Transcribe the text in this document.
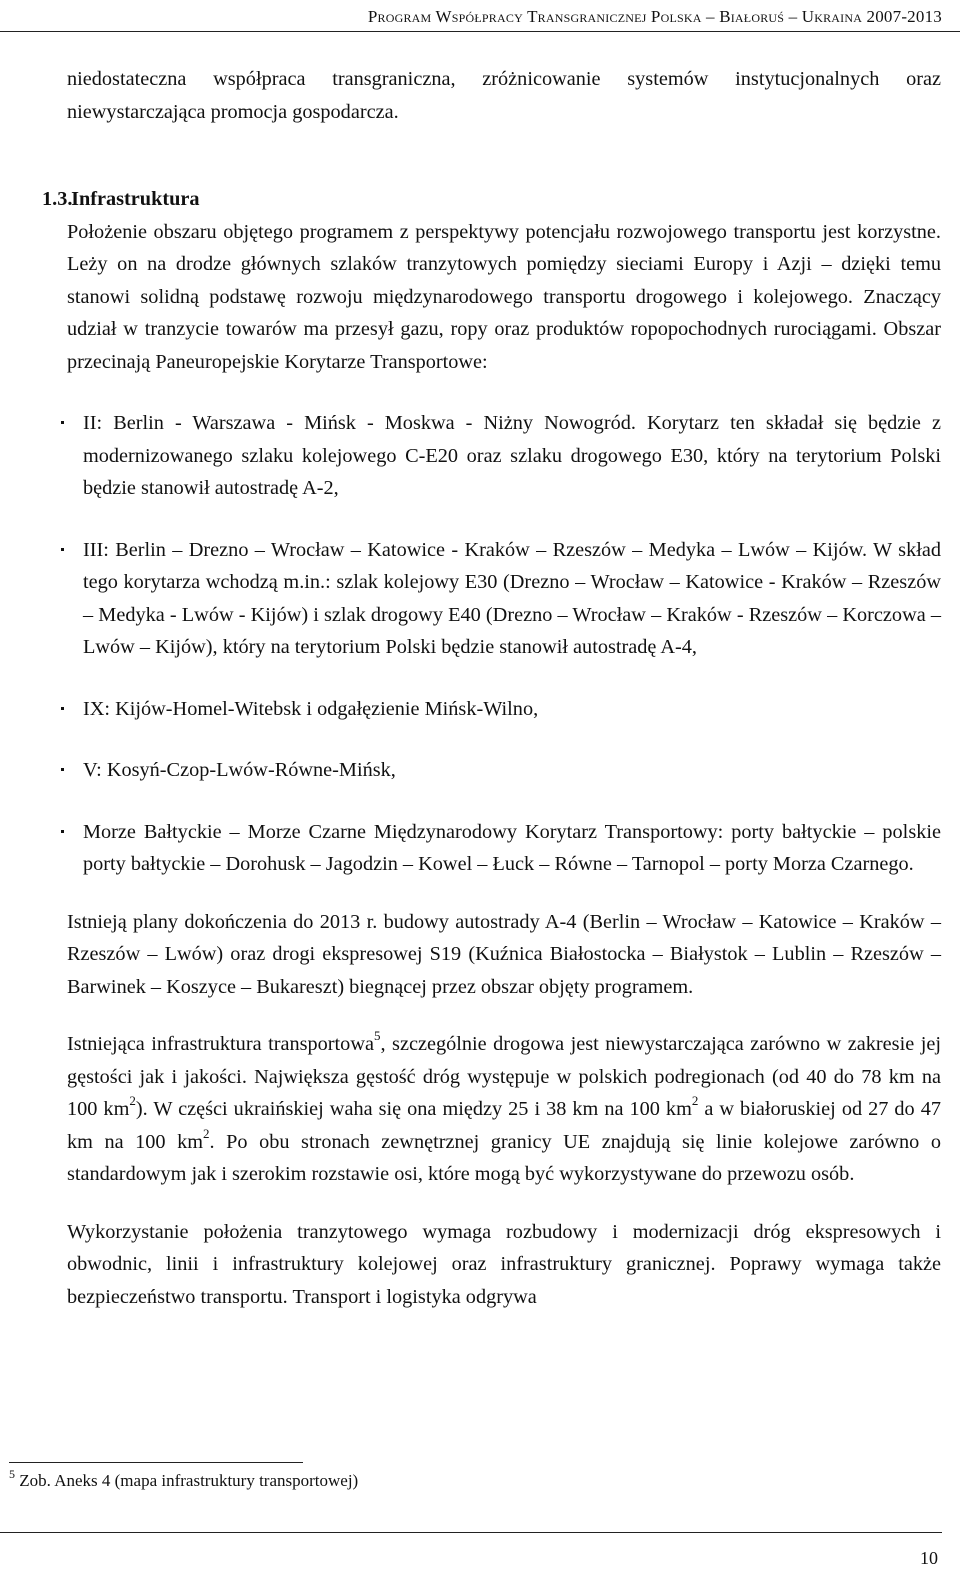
Program Współpracy Transgranicznej Polska – Białoruś – Ukraina 2007-2013

niedostateczna współpraca transgraniczna, zróżnicowanie systemów instytucjonalnych oraz niewystarczająca promocja gospodarcza.

1.3. Infrastruktura

Położenie obszaru objętego programem z perspektywy potencjału rozwojowego transportu jest korzystne. Leży on na drodze głównych szlaków tranzytowych pomiędzy sieciami Europy i Azji – dzięki temu stanowi solidną podstawę rozwoju międzynarodowego transportu drogowego i kolejowego. Znaczący udział w tranzycie towarów ma przesył gazu, ropy oraz produktów ropopochodnych rurociągami. Obszar przecinają Paneuropejskie Korytarze Transportowe:

II: Berlin - Warszawa - Mińsk - Moskwa - Niżny Nowogród. Korytarz ten składał się będzie z modernizowanego szlaku kolejowego C-E20 oraz szlaku drogowego E30, który na terytorium Polski będzie stanowił autostradę A-2,
III: Berlin – Drezno – Wrocław – Katowice - Kraków – Rzeszów – Medyka – Lwów – Kijów. W skład tego korytarza wchodzą m.in.: szlak kolejowy E30 (Drezno – Wrocław – Katowice - Kraków – Rzeszów – Medyka - Lwów - Kijów) i szlak drogowy E40 (Drezno – Wrocław – Kraków - Rzeszów – Korczowa – Lwów – Kijów), który na terytorium Polski będzie stanowił autostradę A-4,
IX: Kijów-Homel-Witebsk i odgałęzienie Mińsk-Wilno,
V: Kosyń-Czop-Lwów-Równe-Mińsk,
Morze Bałtyckie – Morze Czarne Międzynarodowy Korytarz Transportowy: porty bałtyckie – polskie porty bałtyckie – Dorohusk – Jagodzin – Kowel – Łuck – Równe – Tarnopol – porty Morza Czarnego.

Istnieją plany dokończenia do 2013 r. budowy autostrady A-4 (Berlin – Wrocław – Katowice – Kraków – Rzeszów – Lwów) oraz drogi ekspresowej S19 (Kuźnica Białostocka – Białystok – Lublin – Rzeszów – Barwinek – Koszyce – Bukareszt) biegnącej przez obszar objęty programem.

Istniejąca infrastruktura transportowa$^5$, szczególnie drogowa jest niewystarczająca zarówno w zakresie jej gęstości jak i jakości. Największa gęstość dróg występuje w polskich podregionach (od 40 do 78 km na 100 $km^2$). W części ukraińskiej waha się ona między 25 i 38 km na 100 $km^2$ a w białoruskiej od 27 do 47 km na 100 $km^2$. Po obu stronach zewnętrznej granicy UE znajdują się linie kolejowe zarówno o standardowym jak i szerokim rozstawie osi, które mogą być wykorzystywane do przewozu osób.

Wykorzystanie położenia tranzytowego wymaga rozbudowy i modernizacji dróg ekspresowych i obwodnic, linii i infrastruktury kolejowej oraz infrastruktury granicznej. Poprawy wymaga także bezpieczeństwo transportu. Transport i logistyka odgrywa

$^5$ Zob. Aneks 4 (mapa infrastruktury transportowej)
10
